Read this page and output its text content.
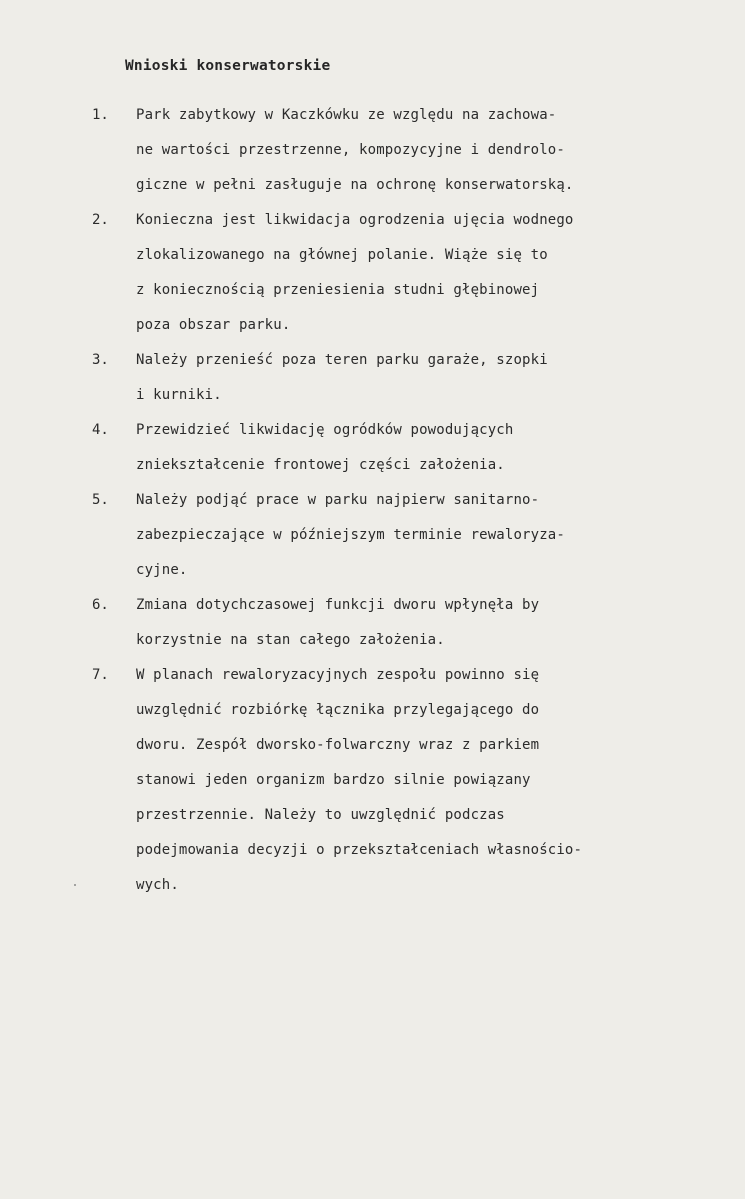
Wnioski konserwatorskie
1.	Park zabytkowy w Kaczkówku ze względu na zachowa-
ne wartości przestrzenne, kompozycyjne i dendrolo-
giczne w pełni zasługuje na ochronę konserwatorską.
2.	Konieczna jest likwidacja ogrodzenia ujęcia wodnego
zlokalizowanego na głównej polanie. Wiąże się to
z koniecznością przeniesienia studni głębinowej
poza obszar parku.
3.	Należy przenieść poza teren parku garaże, szopki
i kurniki.
4.	Przewidzieć likwidację ogródków powodujących
zniekształcenie frontowej części założenia.
5.	Należy podjąć prace w parku najpierw sanitarno-
zabezpieczające w późniejszym terminie rewaloryza-
cyjne.
6.	Zmiana dotychczasowej funkcji dworu wpłynęła by
korzystnie na stan całego założenia.
7.	W planach rewaloryzacyjnych zespołu powinno się
uwzględnić rozbiórkę łącznika przylegającego do
dworu. Zespół dworsko-folwarczny wraz z parkiem
stanowi jeden organizm bardzo silnie powiązany
przestrzennie. Należy to uwzględnić podczas
podejmowania decyzji o przekształceniach własnościo-
wych.
